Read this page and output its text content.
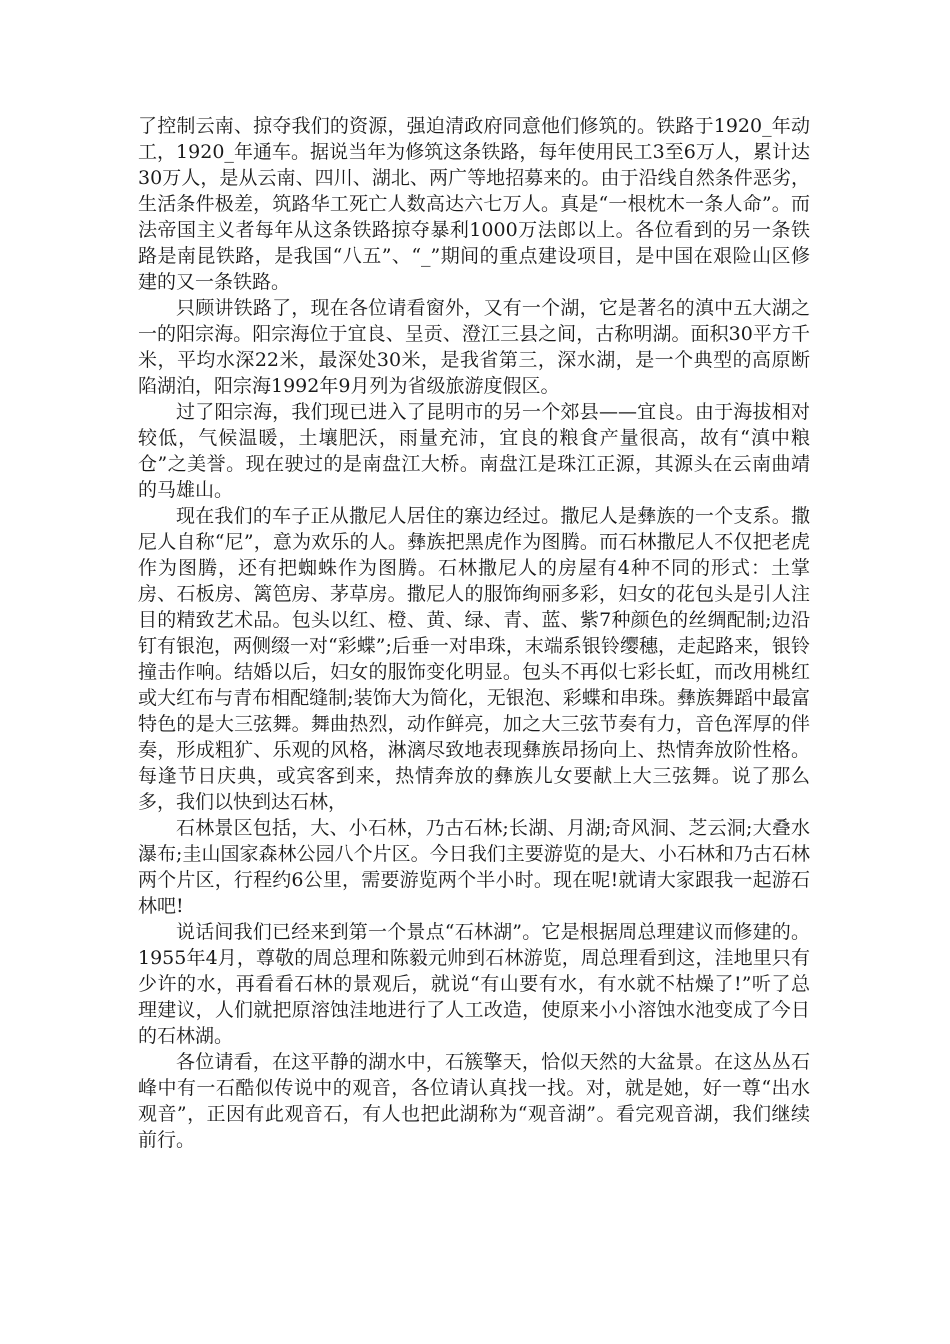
了控制云南、掠夺我们的资源，强迫清政府同意他们修筑的。铁路于1920_年动工，1920_年通车。据说当年为修筑这条铁路，每年使用民工3至6万人，累计达30万人，是从云南、四川、湖北、两广等地招募来的。由于沿线自然条件恶劣，生活条件极差，筑路华工死亡人数高达六七万人。真是“一根枕木一条人命”。而法帝国主义者每年从这条铁路掠夺暴利1000万法郎以上。各位看到的另一条铁路是南昆铁路，是我国“八五”、“_”期间的重点建设项目，是中国在艰险山区修建的又一条铁路。

只顾讲铁路了，现在各位请看窗外，又有一个湖，它是著名的滇中五大湖之一的阳宗海。阳宗海位于宜良、呈贡、澄江三县之间，古称明湖。面积30平方千米，平均水深22米，最深处30米，是我省第三，深水湖，是一个典型的高原断陷湖泊，阳宗海1992年9月列为省级旅游度假区。

过了阳宗海，我们现已进入了昆明市的另一个郊县——宜良。由于海拔相对较低，气候温暖，土壤肥沃，雨量充沛，宜良的粮食产量很高，故有“滇中粮仓”之美誉。现在驶过的是南盘江大桥。南盘江是珠江正源，其源头在云南曲靖的马雄山。

现在我们的车子正从撒尼人居住的寨边经过。撒尼人是彝族的一个支系。撒尼人自称“尼”，意为欢乐的人。彝族把黑虎作为图腾。而石林撒尼人不仅把老虎作为图腾，还有把蜘蛛作为图腾。石林撒尼人的房屋有4种不同的形式：土掌房、石板房、篱笆房、茅草房。撒尼人的服饰绚丽多彩，妇女的花包头是引人注目的精致艺术品。包头以红、橙、黄、绿、青、蓝、紫7种颜色的丝绸配制;边沿钉有银泡，两侧缀一对“彩蝶”;后垂一对串珠，末端系银铃缨穗，走起路来，银铃撞击作响。结婚以后，妇女的服饰变化明显。包头不再似七彩长虹，而改用桃红或大红布与青布相配缝制;装饰大为简化，无银泡、彩蝶和串珠。彝族舞蹈中最富特色的是大三弦舞。舞曲热烈，动作鲜亮，加之大三弦节奏有力，音色浑厚的伴奏，形成粗犷、乐观的风格，淋漓尽致地表现彝族昂扬向上、热情奔放阶性格。每逢节日庆典，或宾客到来，热情奔放的彝族儿女要献上大三弦舞。说了那么多，我们以快到达石林，

石林景区包括，大、小石林，乃古石林;长湖、月湖;奇风洞、芝云洞;大叠水瀑布;圭山国家森林公园八个片区。今日我们主要游览的是大、小石林和乃古石林两个片区，行程约6公里，需要游览两个半小时。现在呢!就请大家跟我一起游石林吧!

说话间我们已经来到第一个景点“石林湖”。它是根据周总理建议而修建的。1955年4月，尊敬的周总理和陈毅元帅到石林游览，周总理看到这，洼地里只有少许的水，再看看石林的景观后，就说“有山要有水，有水就不枯燥了!”听了总理建议，人们就把原溶蚀洼地进行了人工改造，使原来小小溶蚀水池变成了今日的石林湖。

各位请看，在这平静的湖水中，石簇擎天，恰似天然的大盆景。在这丛丛石峰中有一石酷似传说中的观音，各位请认真找一找。对，就是她，好一尊“出水观音”，正因有此观音石，有人也把此湖称为“观音湖”。看完观音湖，我们继续前行。
